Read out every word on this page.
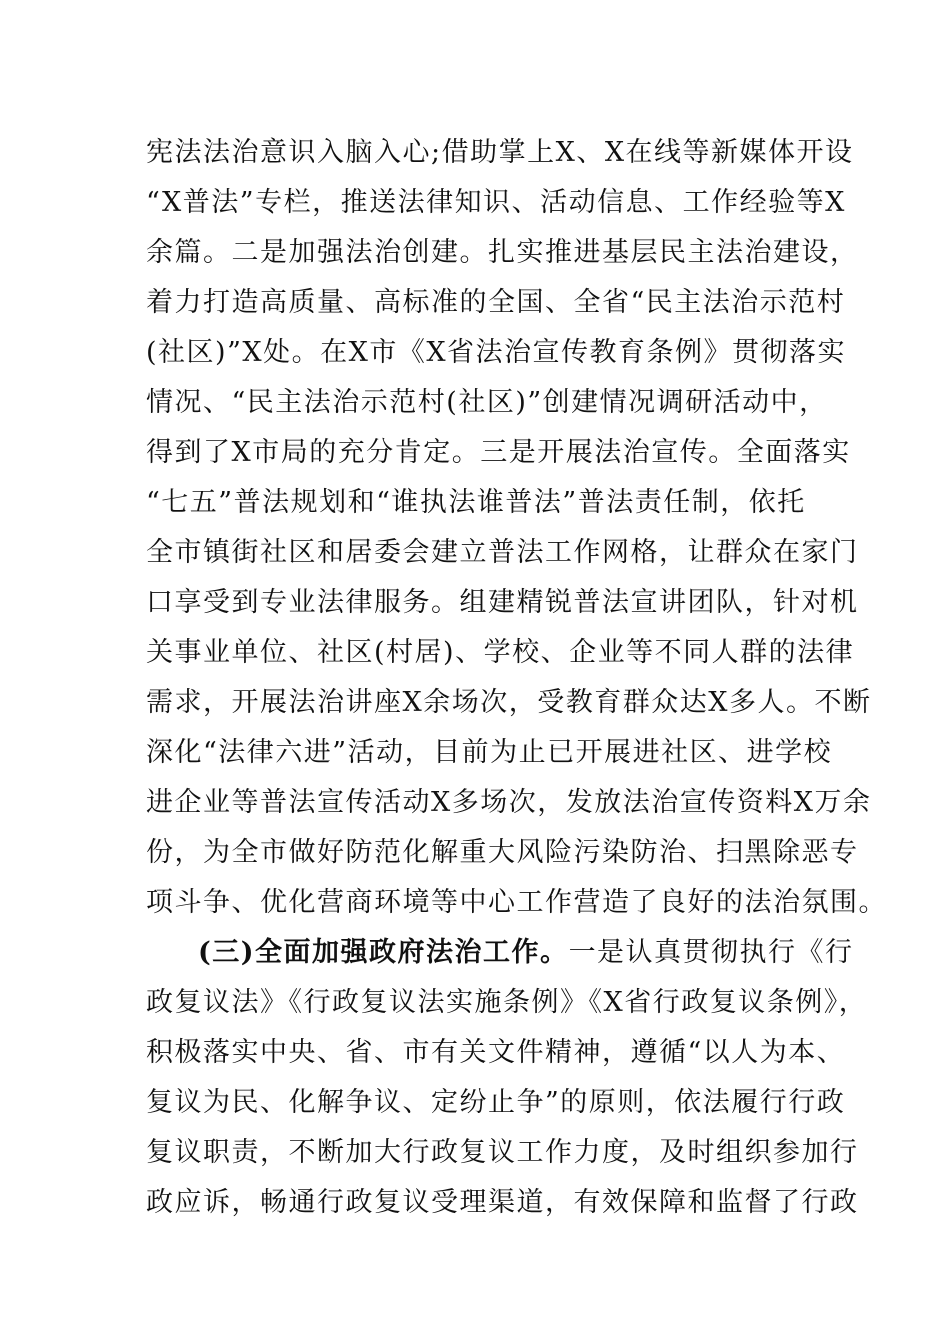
宪法法治意识入脑入心;借助掌上X、X在线等新媒体开设
“X普法”专栏，推送法律知识、活动信息、工作经验等X
余篇。二是加强法治创建。扎实推进基层民主法治建设，
着力打造高质量、高标准的全国、全省“民主法治示范村
(社区)”X处。在X市《X省法治宣传教育条例》贯彻落实
情况、“民主法治示范村(社区)”创建情况调研活动中，
得到了X市局的充分肯定。三是开展法治宣传。全面落实
“七五”普法规划和“谁执法谁普法”普法责任制，依托
全市镇街社区和居委会建立普法工作网格，让群众在家门
口享受到专业法律服务。组建精锐普法宣讲团队，针对机
关事业单位、社区(村居)、学校、企业等不同人群的法律
需求，开展法治讲座X余场次，受教育群众达X多人。不断
深化“法律六进”活动，目前为止已开展进社区、进学校
进企业等普法宣传活动X多场次，发放法治宣传资料X万余
份，为全市做好防范化解重大风险污染防治、扫黑除恶专
项斗争、优化营商环境等中心工作营造了良好的法治氛围。
(三)全面加强政府法治工作。一是认真贯彻执行《行
政复议法》《行政复议法实施条例》《X省行政复议条例》，
积极落实中央、省、市有关文件精神，遵循“以人为本、
复议为民、化解争议、定纷止争”的原则，依法履行行政
复议职责，不断加大行政复议工作力度，及时组织参加行
政应诉，畅通行政复议受理渠道，有效保障和监督了行政
